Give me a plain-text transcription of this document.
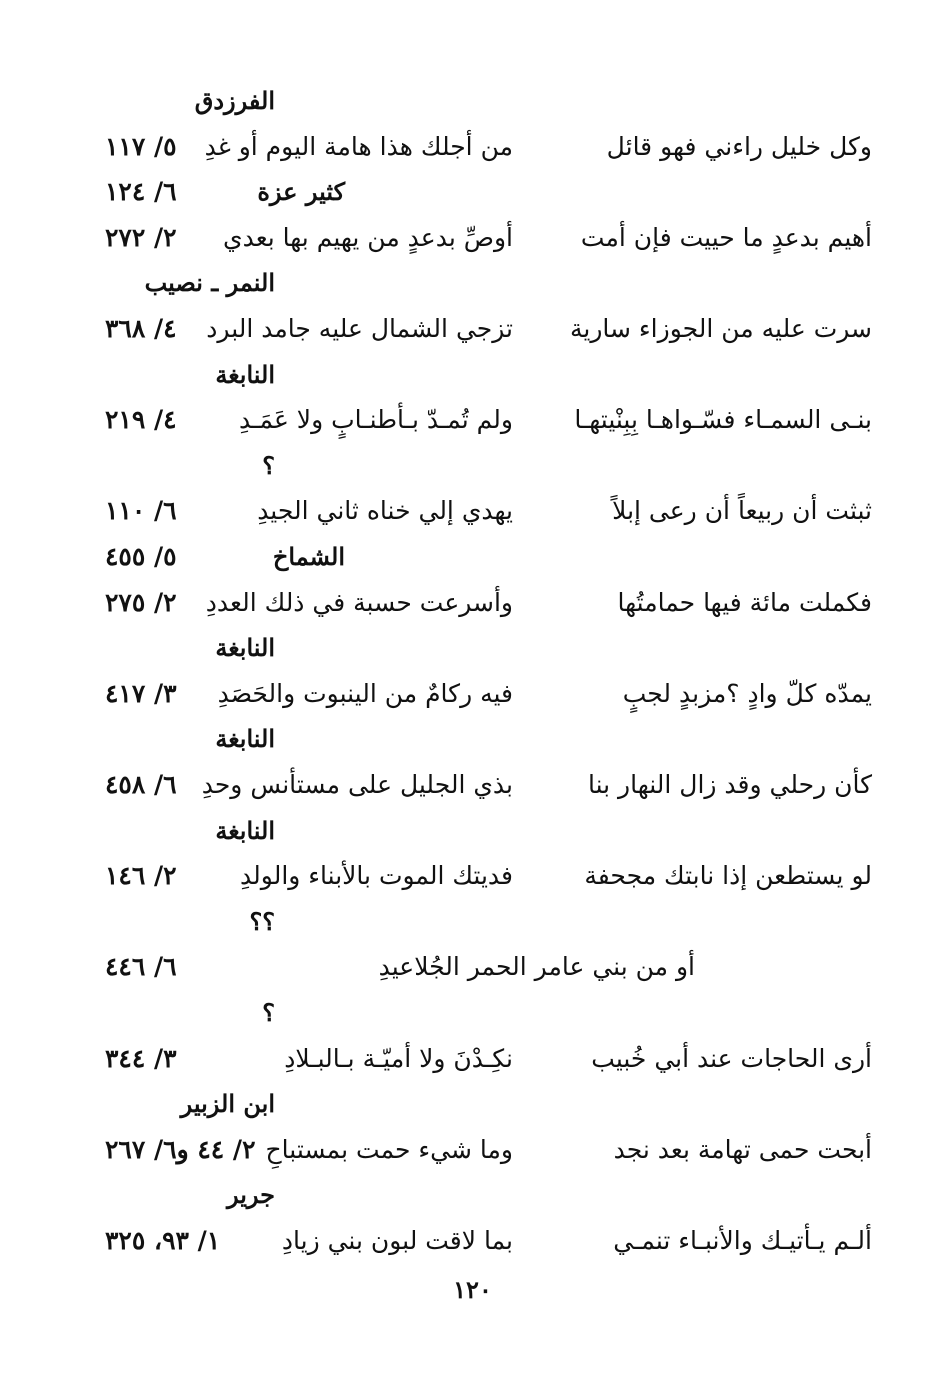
الفرزدق
وكل خليل راءني فهو قائل
من أجلك هذا هامة اليوم أو غدِ
٥/ ١١٧
كثير عزة
٦/ ١٢٤
أهيم بدعدٍ ما حييت فإن أمت
أوصِّ بدعدٍ من يهيم بها بعدي
٢/ ٢٧٢
النمر ـ نصيب
سرت عليه من الجوزاء سارية
تزجي الشمال عليه جامد البرد
٤/ ٣٦٨
النابغة
بنـى السمـاء فسّـواهـا بِبِنْيتهـا
ولم تُمـدّ بـأطنـابٍ ولا عَمَـدِ
٤/ ٢١٩
؟
ثبثت أن ربيعاً أن رعى إبلاً
يهدي إلي خناه ثاني الجيدِ
٦/ ١١٠
الشماخ
٥/ ٤٥٥
فكملت مائة فيها حمامتُها
وأسرعت حسبة في ذلك العددِ
٢/ ٢٧٥
النابغة
يمدّه كلّ وادٍ ؟مزبدٍ لجبٍ
فيه ركامٌ من الينبوت والحَصَدِ
٣/ ٤١٧
النابغة
كأن رحلي وقد زال النهار بنا
بذي الجليل على مستأنس وحدِ
٦/ ٤٥٨
النابغة
لو يستطعن إذا نابتك مجحفة
فديتك الموت بالأبناء والولدِ
٢/ ١٤٦
؟؟
أو من بني عامر الحمر الجُلاعيدِ
٦/ ٤٤٦
؟
أرى الحاجات عند أبي خُبيب
نكِـدْنَ ولا أميّـة بـالبـلادِ
٣/ ٣٤٤
ابن الزبير
أبحت حمى تهامة بعد نجد
وما شيء حمت بمستباحِ
٢/ ٤٤ و٦/ ٢٦٧
جرير
ألـم يـأتيـك والأنبـاء تنمـي
بما لاقت لبون بني زيادِ
١/ ٩٣، ٣٢٥
١٢٠
